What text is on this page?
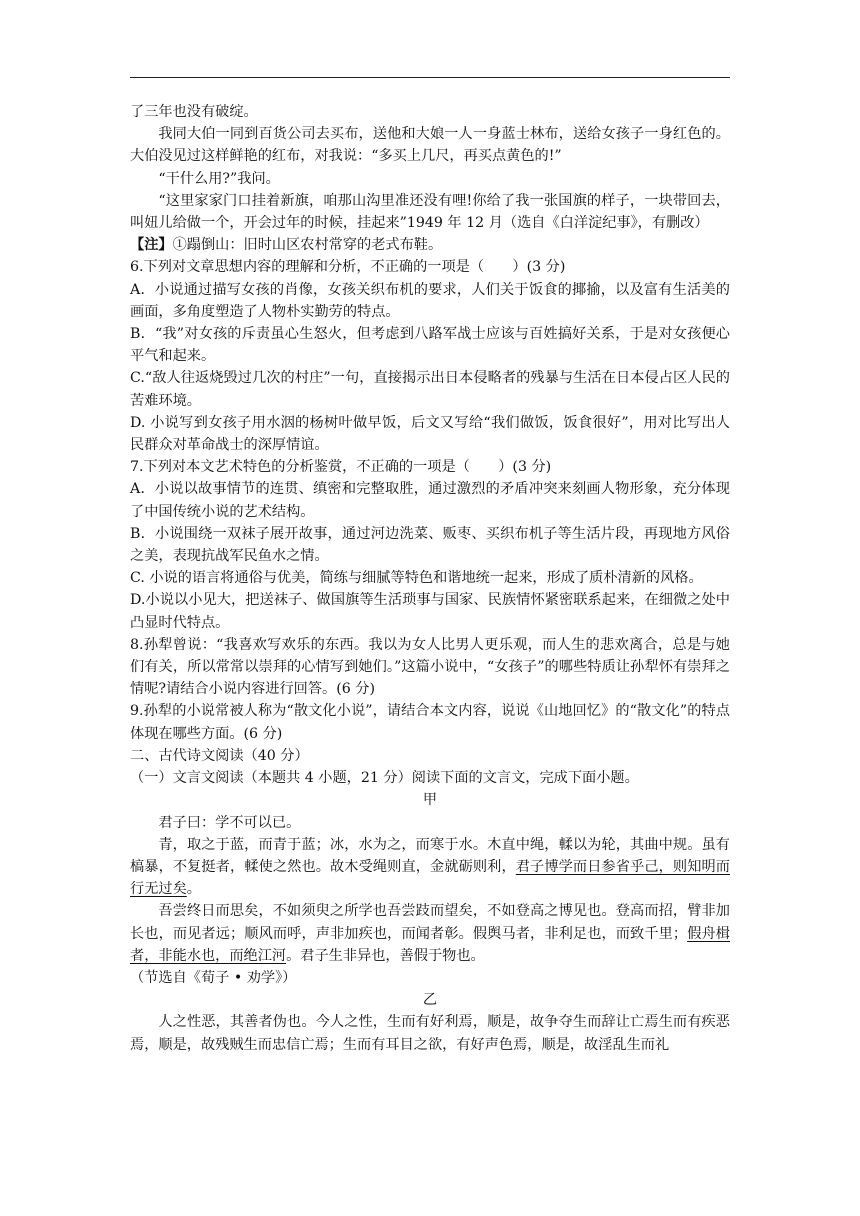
了三年也没有破绽。

我同大伯一同到百货公司去买布，送他和大娘一人一身蓝士林布，送给女孩子一身红色的。大伯没见过这样鲜艳的红布，对我说：“多买上几尺，再买点黄色的!”

“干什么用?”我问。

“这里家家门口挂着新旗，咱那山沟里准还没有哩!你给了我一张国旗的样子，一块带回去，叫妞儿给做一个，开会过年的时候，挂起来”1949 年 12 月（选自《白洋淀纪事》，有删改）

【注】①蹋倒山：旧时山区农村常穿的老式布鞋。

6.下列对文章思想内容的理解和分析，不正确的一项是（　　）(3 分)

A．小说通过描写女孩的肖像，女孩关织布机的要求，人们关于饭食的揶揄，以及富有生活美的画面，多角度塑造了人物朴实勤劳的特点。

B．“我”对女孩的斥责虽心生怒火，但考虑到八路军战士应该与百姓搞好关系，于是对女孩便心平气和起来。

C.“敌人往返烧毁过几次的村庄”一句，直接揭示出日本侵略者的残暴与生活在日本侵占区人民的苦难环境。

D. 小说写到女孩子用水洇的杨树叶做早饭，后文又写给“我们做饭，饭食很好”，用对比写出人民群众对革命战士的深厚情谊。

7.下列对本文艺术特色的分析鉴赏，不正确的一项是（　　）(3 分)

A．小说以故事情节的连贯、缜密和完整取胜，通过激烈的矛盾冲突来刻画人物形象，充分体现了中国传统小说的艺术结构。

B．小说围绕一双袜子展开故事，通过河边洗菜、贩枣、买织布机子等生活片段，再现地方风俗之美，表现抗战军民鱼水之情。

C. 小说的语言将通俗与优美，简练与细腻等特色和谐地统一起来，形成了质朴清新的风格。

D.小说以小见大，把送袜子、做国旗等生活琐事与国家、民族情怀紧密联系起来，在细微之处中凸显时代特点。

8.孙犁曾说：“我喜欢写欢乐的东西。我以为女人比男人更乐观，而人生的悲欢离合，总是与她们有关，所以常常以崇拜的心情写到她们。”这篇小说中，“女孩子”的哪些特质让孙犁怀有崇拜之情呢?请结合小说内容进行回答。(6 分)

9.孙犁的小说常被人称为“散文化小说”，请结合本文内容，说说《山地回忆》的“散文化”的特点体现在哪些方面。(6 分)

二、古代诗文阅读（40 分）

（一）文言文阅读（本题共 4 小题，21 分）阅读下面的文言文，完成下面小题。

甲

君子曰：学不可以已。

青，取之于蓝，而青于蓝；冰，水为之，而寒于水。木直中绳，輮以为轮，其曲中规。虽有槁暴，不复挺者，輮使之然也。故木受绳则直，金就砺则利，君子博学而日参省乎己，则知明而行无过矣。

吾尝终日而思矣，不如须臾之所学也吾尝跂而望矣，不如登高之博见也。登高而招，臂非加长也，而见者远；顺风而呼，声非加疾也，而闻者彰。假舆马者，非利足也，而致千里；假舟楫者，非能水也，而绝江河。君子生非异也，善假于物也。

（节选自《荀子 • 劝学》）

乙

人之性恶，其善者伪也。今人之性，生而有好利焉，顺是，故争夺生而辞让亡焉生而有疾恶焉，顺是，故残贼生而忠信亡焉；生而有耳目之欲，有好声色焉，顺是，故淫乱生而礼
